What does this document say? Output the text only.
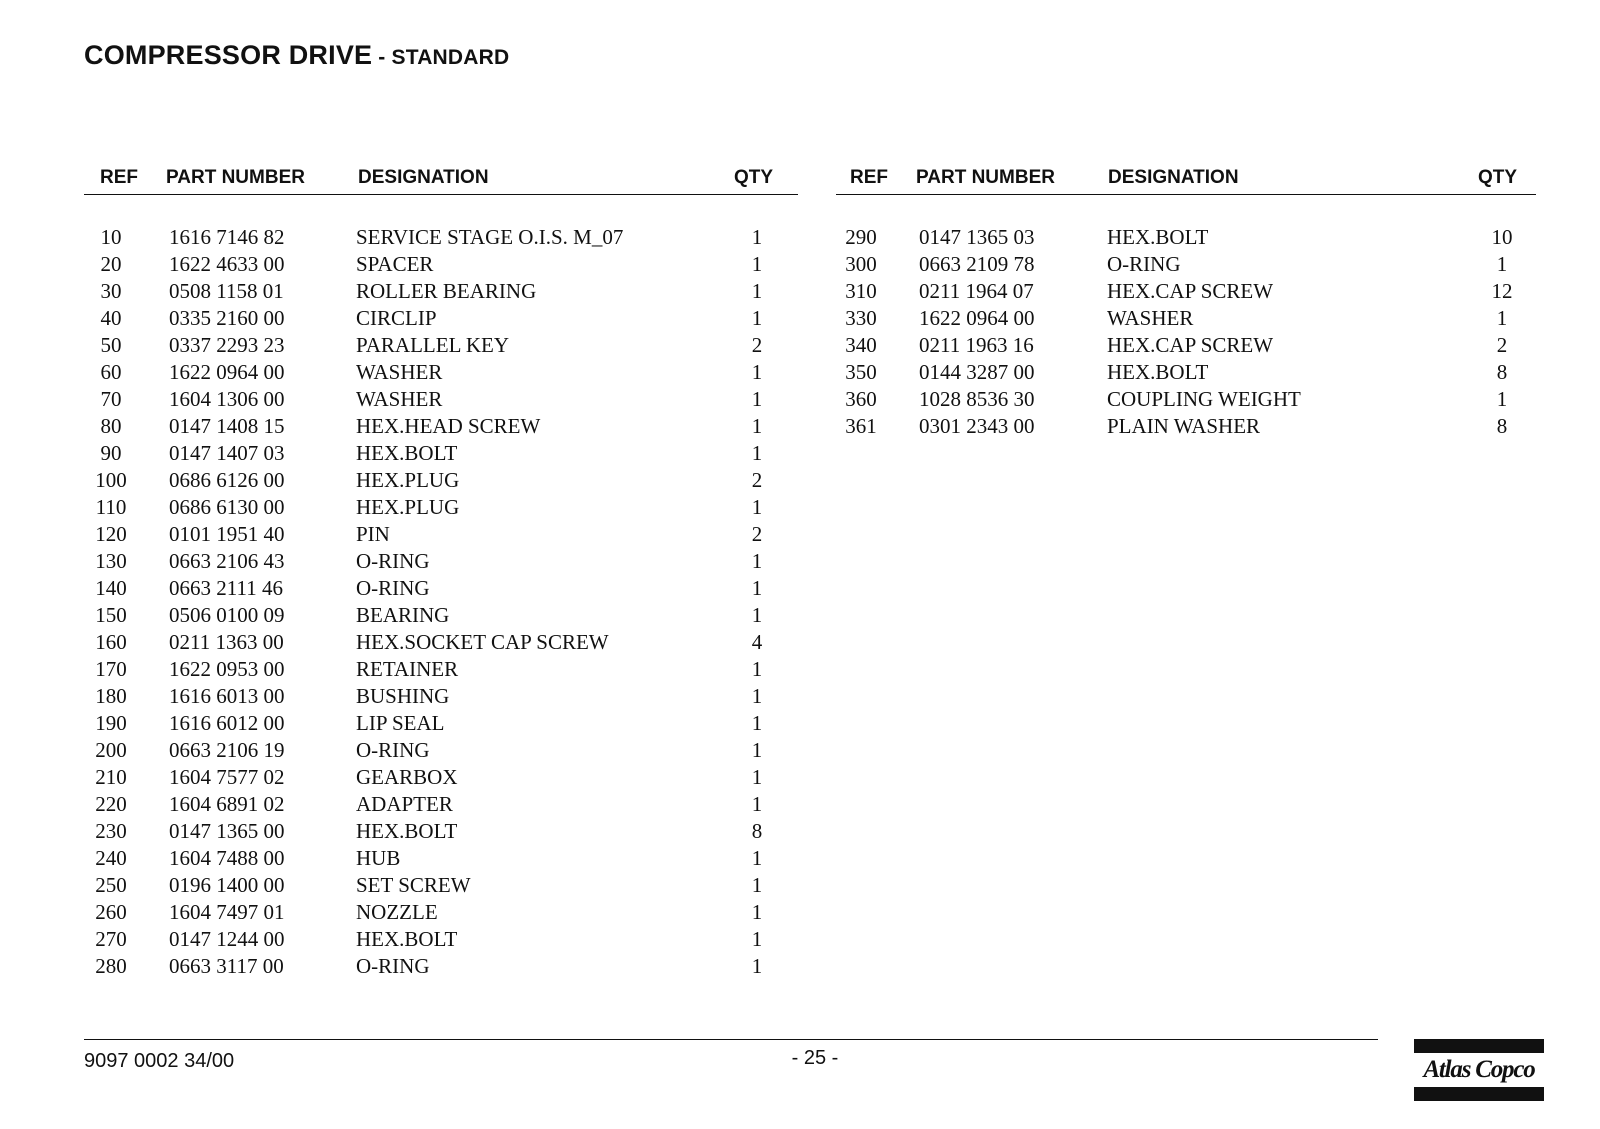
COMPRESSOR DRIVE - STANDARD
REF PART NUMBER	DESIGNATION	QTY
10	1616 7146 82	SERVICE STAGE O.I.S. M_07	1
20	1622 4633 00	SPACER	1
30	0508 1158 01	ROLLER BEARING	1
40	0335 2160 00	CIRCLIP	1
50	0337 2293 23	PARALLEL KEY	2
60	1622 0964 00	WASHER	1
70	1604 1306 00	WASHER	1
80	0147 1408 15	HEX.HEAD SCREW	1
90	0147 1407 03	HEX.BOLT	1
100	0686 6126 00	HEX.PLUG	2
110	0686 6130 00	HEX.PLUG	1
120	0101 1951 40	PIN	2
130	0663 2106 43	O-RING	1
140	0663 2111 46	O-RING	1
150	0506 0100 09	BEARING	1
160	0211 1363 00	HEX.SOCKET CAP SCREW	4
170	1622 0953 00	RETAINER	1
180	1616 6013 00	BUSHING	1
190	1616 6012 00	LIP SEAL	1
200	0663 2106 19	O-RING	1
210	1604 7577 02	GEARBOX	1
220	1604 6891 02	ADAPTER	1
230	0147 1365 00	HEX.BOLT	8
240	1604 7488 00	HUB	1
250	0196 1400 00	SET SCREW	1
260	1604 7497 01	NOZZLE	1
270	0147 1244 00	HEX.BOLT	1
280	0663 3117 00	O-RING	1
REF PART NUMBER	DESIGNATION	QTY
290	0147 1365 03	HEX.BOLT	10
300	0663 2109 78	O-RING	1
310	0211 1964 07	HEX.CAP SCREW	12
330	1622 0964 00	WASHER	1
340	0211 1963 16	HEX.CAP SCREW	2
350	0144 3287 00	HEX.BOLT	8
360	1028 8536 30	COUPLING WEIGHT	1
361	0301 2343 00	PLAIN WASHER	8
9097 0002 34/00	- 25 -	Atlas Copco
